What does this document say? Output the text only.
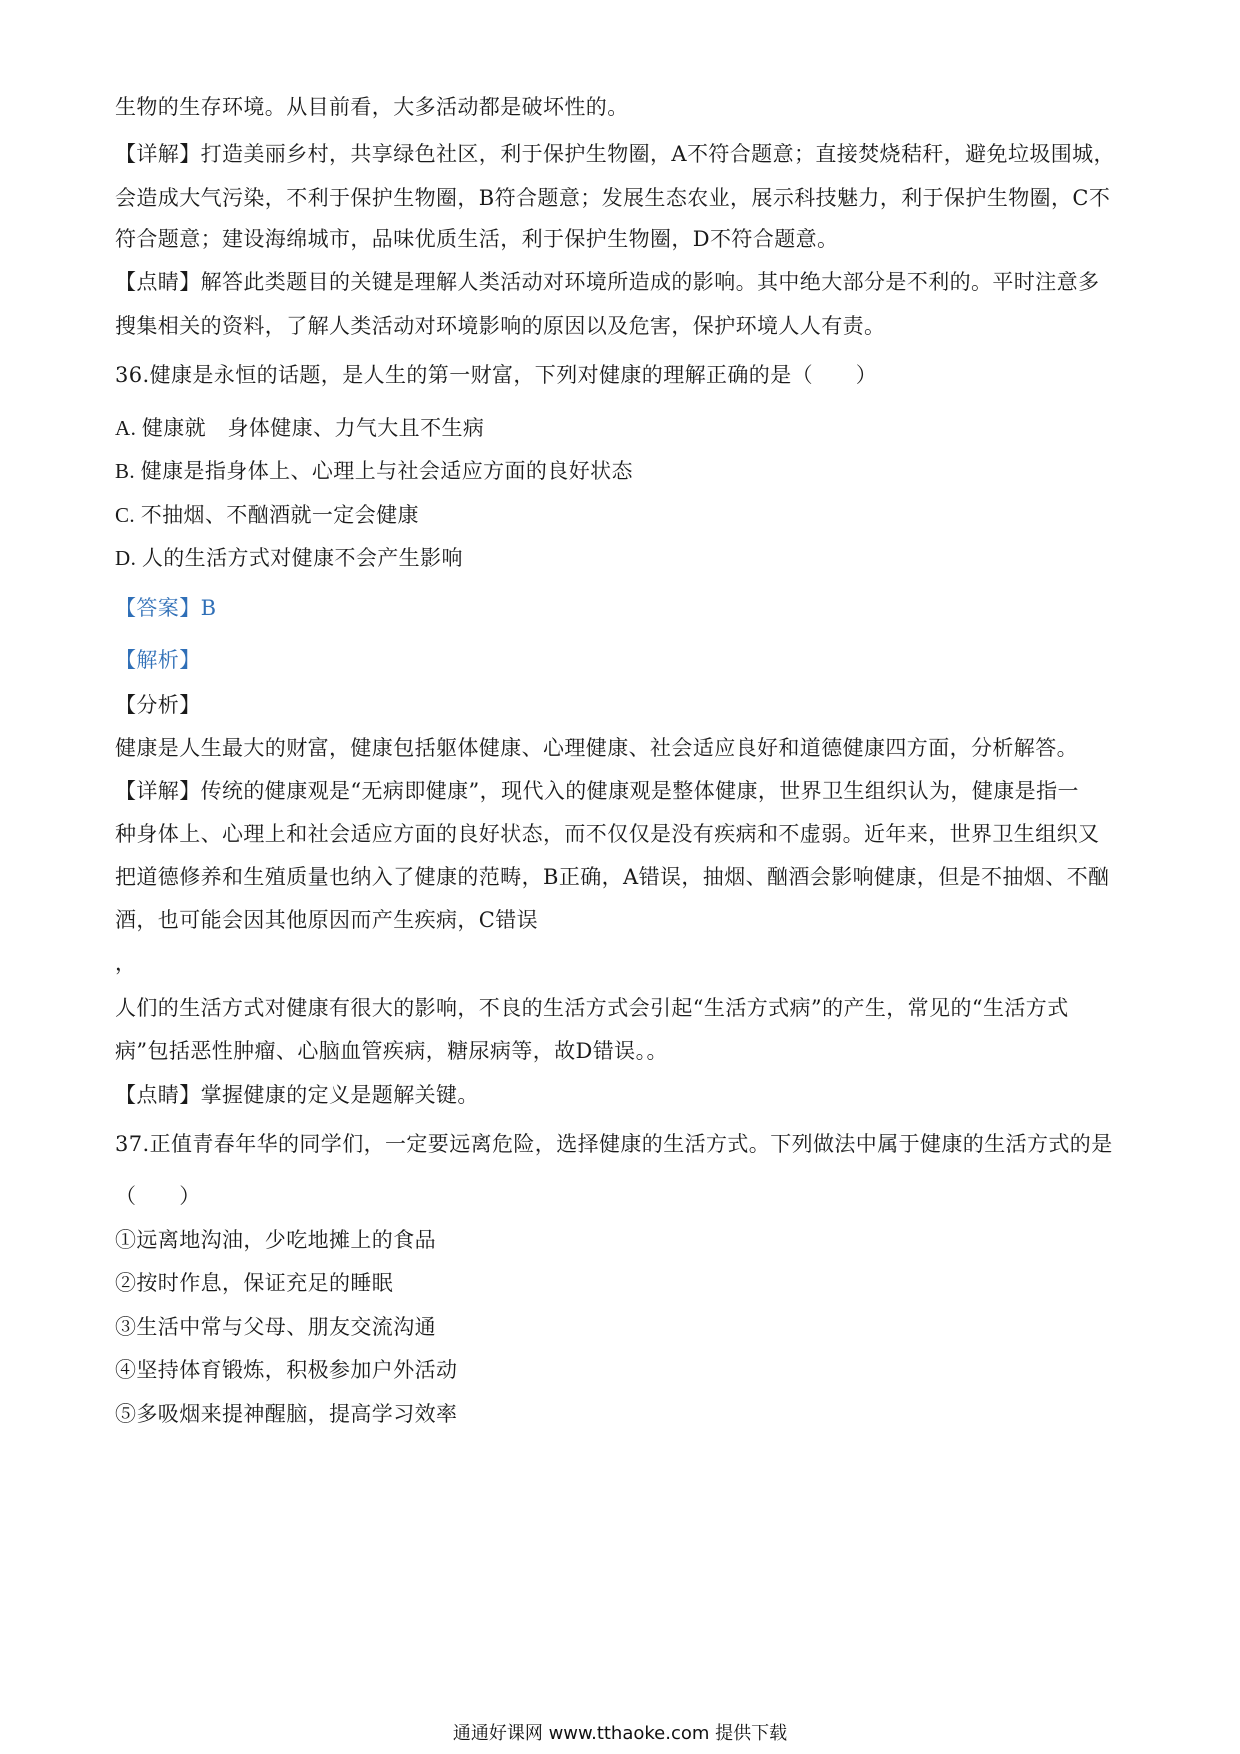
生物的生存环境。从目前看，大多活动都是破坏性的。
【详解】打造美丽乡村，共享绿色社区，利于保护生物圈，A不符合题意；直接焚烧秸秆，避免垃圾围城，
会造成大气污染，不利于保护生物圈，B符合题意；发展生态农业，展示科技魅力，利于保护生物圈，C不
符合题意；建设海绵城市，品味优质生活，利于保护生物圈，D不符合题意。
【点睛】解答此类题目的关键是理解人类活动对环境所造成的影响。其中绝大部分是不利的。平时注意多
搜集相关的资料，了解人类活动对环境影响的原因以及危害，保护环境人人有责。
36.健康是永恒的话题，是人生的第一财富，下列对健康的理解正确的是（　　）
A. 健康就　身体健康、力气大且不生病
B. 健康是指身体上、心理上与社会适应方面的良好状态
C. 不抽烟、不酗酒就一定会健康
D. 人的生活方式对健康不会产生影响
【答案】B
【解析】
【分析】
健康是人生最大的财富，健康包括躯体健康、心理健康、社会适应良好和道德健康四方面，分析解答。
【详解】传统的健康观是“无病即健康”，现代入的健康观是整体健康，世界卫生组织认为，健康是指一
种身体上、心理上和社会适应方面的良好状态，而不仅仅是没有疾病和不虚弱。近年来，世界卫生组织又
把道德修养和生殖质量也纳入了健康的范畴，B正确，A错误，抽烟、酗酒会影响健康，但是不抽烟、不酗
酒，也可能会因其他原因而产生疾病，C错误
，
人们的生活方式对健康有很大的影响，不良的生活方式会引起“生活方式病”的产生，常见的“生活方式
病”包括恶性肿瘤、心脑血管疾病，糖尿病等，故D错误。。
【点睛】掌握健康的定义是题解关键。
37.正值青春年华的同学们，一定要远离危险，选择健康的生活方式。下列做法中属于健康的生活方式的是
（　　）
①远离地沟油，少吃地摊上的食品
②按时作息，保证充足的睡眠
③生活中常与父母、朋友交流沟通
④坚持体育锻炼，积极参加户外活动
⑤多吸烟来提神醒脑，提高学习效率
通通好课网 www.tthaoke.com 提供下载
